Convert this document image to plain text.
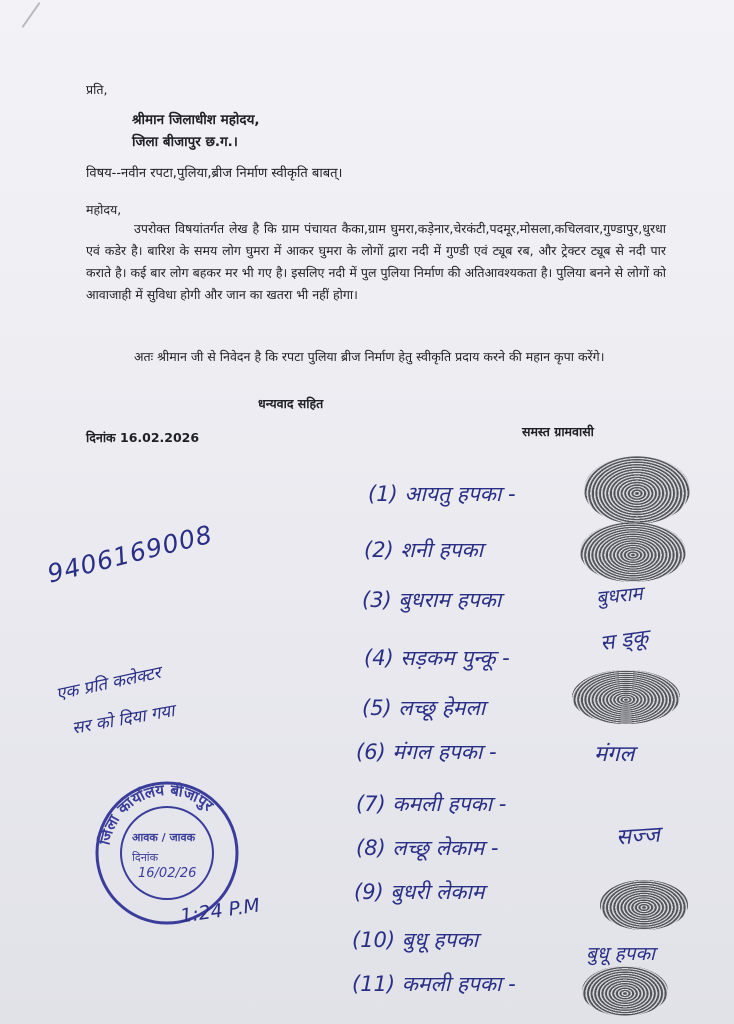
प्रति,
श्रीमान जिलाधीश महोदय,
जिला बीजापुर छ.ग.।
विषय--नवीन रपटा,पुलिया,ब्रीज निर्माण स्वीकृति बाबत्।
महोदय,
उपरोक्त विषयांतर्गत लेख है कि ग्राम पंचायत कैका,ग्राम घुमरा,कड़ेनार,चेरकंटी,पदमूर,मोसला,कचिलवार,गुण्डापुर,धुरधा एवं कडेर है। बारिश के समय लोग घुमरा में आकर घुमरा के लोगों द्वारा नदी में गुण्डी एवं ट्यूब रब, और ट्रेक्टर ट्यूब से नदी पार कराते है। कई बार लोग बहकर मर भी गए है। इसलिए नदी में पुल पुलिया निर्माण की अतिआवश्यकता है। पुलिया बनने से लोगों को आवाजाही में सुविधा होगी और जान का खतरा भी नहीं होगा।
अतः श्रीमान जी से निवेदन है कि रपटा पुलिया ब्रीज निर्माण हेतु स्वीकृति प्रदाय करने की महान कृपा करेंगे।
धन्यवाद सहित
दिनांक 16.02.2026	समस्त ग्रामवासी
9406169008
एक प्रति कलेक्टर
सर को दिया गया
(1) आयतु हपका -
(2) शनी हपका
(3) बुधराम हपका
(4) सड़कम पुन्कू -
(5) लच्छू हेमला
(6) मंगल हपका -
(7) कमली हपका -
(8) लच्छू लेकाम -
(9) बुधरी लेकाम
(10) बुधू हपका
(11) कमली हपका -
बुधराम
स ड्‌कू
मंगल
सज्ज
बुधू हपका
जिला कार्यालय बीजापुर
आवक / जावक
दिनांक
16/02/26
1:24 P.M
